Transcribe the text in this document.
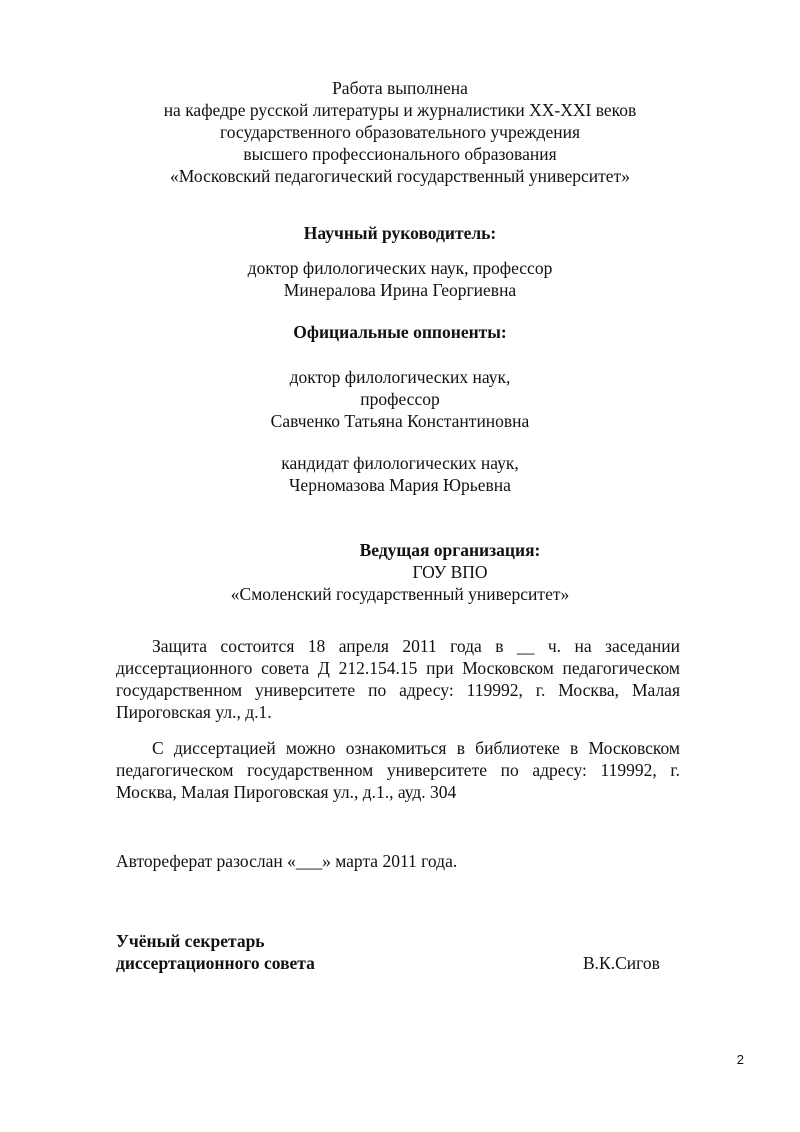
Работа выполнена
на кафедре русской литературы и журналистики XX-XXI веков
государственного образовательного учреждения
высшего профессионального образования
«Московский педагогический государственный университет»
Научный руководитель:
доктор филологических наук, профессор
Минералова Ирина Георгиевна
Официальные оппоненты:
доктор филологических наук,
профессор
Савченко Татьяна Константиновна
кандидат филологических наук,
Черномазова Мария Юрьевна
Ведущая организация:
ГОУ ВПО
«Смоленский государственный университет»
Защита состоится 18 апреля 2011 года в __ ч. на заседании диссертационного совета Д 212.154.15 при Московском педагогическом государственном университете по адресу: 119992, г. Москва, Малая Пироговская ул., д.1.
С диссертацией можно ознакомиться в библиотеке в Московском педагогическом государственном университете по адресу: 119992, г. Москва, Малая Пироговская ул., д.1., ауд. 304
Автореферат разослан «___» марта 2011 года.
Учёный секретарь
диссертационного совета	В.К.Сигов
2
